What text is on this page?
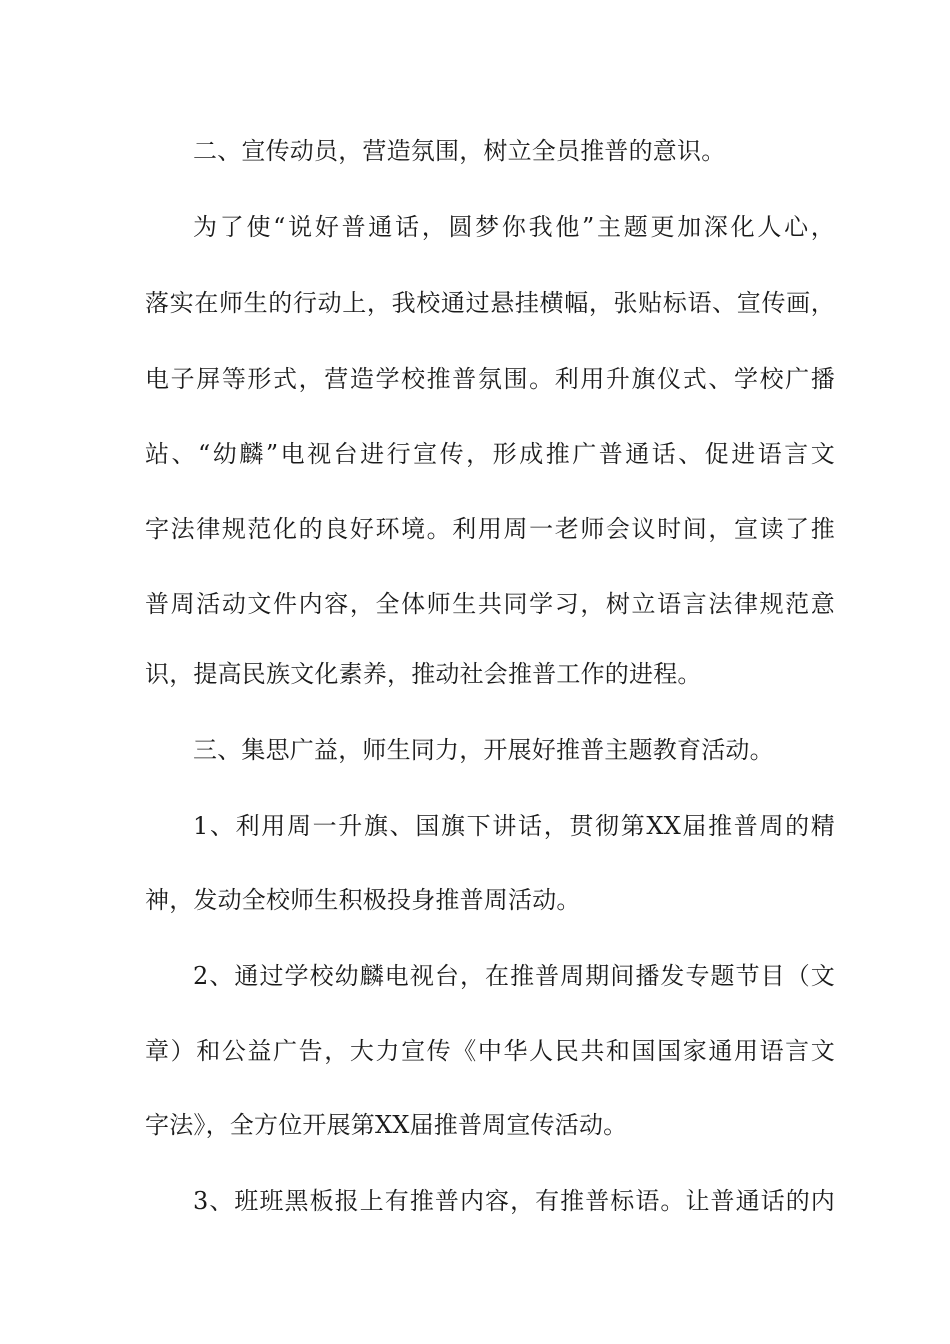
二、宣传动员，营造氛围，树立全员推普的意识。
为了使“说好普通话，圆梦你我他”主题更加深化人心，
落实在师生的行动上，我校通过悬挂横幅，张贴标语、宣传画，
电子屏等形式，营造学校推普氛围。利用升旗仪式、学校广播
站、“幼麟”电视台进行宣传，形成推广普通话、促进语言文
字法律规范化的良好环境。利用周一老师会议时间，宣读了推
普周活动文件内容，全体师生共同学习，树立语言法律规范意
识，提高民族文化素养，推动社会推普工作的进程。
三、集思广益，师生同力，开展好推普主题教育活动。
1、利用周一升旗、国旗下讲话，贯彻第XX届推普周的精
神，发动全校师生积极投身推普周活动。
2、通过学校幼麟电视台，在推普周期间播发专题节目（文
章）和公益广告，大力宣传《中华人民共和国国家通用语言文
字法》，全方位开展第XX届推普周宣传活动。
3、班班黑板报上有推普内容，有推普标语。让普通话的内
